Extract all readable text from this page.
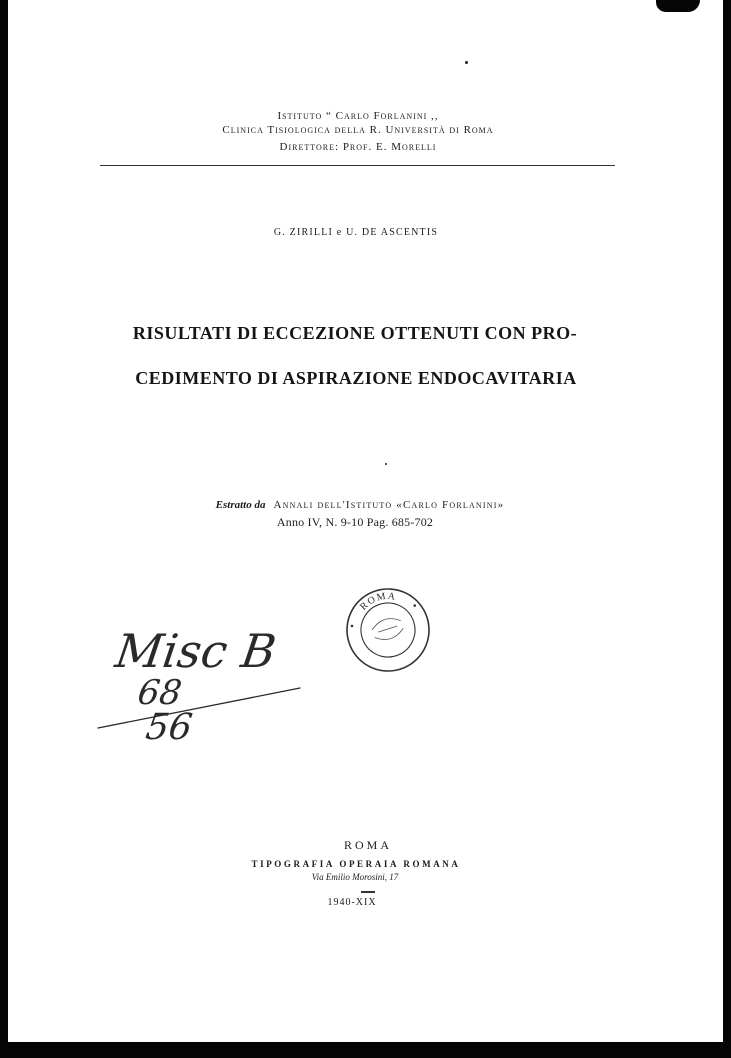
Istituto “ Carlo Forlanini ,,
Clinica Tisiologica della R. Università di Roma
Direttore: Prof. E. Morelli
G. ZIRILLI e U. DE ASCENTIS
RISULTATI DI ECCEZIONE OTTENUTI CON PRO-
CEDIMENTO DI ASPIRAZIONE ENDOCAVITARIA
Estratto da Annali dell'Istituto «Carlo Forlanini»
Anno IV, N. 9-10 Pag. 685-702
ROMA
Misc B
68
56
ROMA
TIPOGRAFIA OPERAIA ROMANA
Via Emilio Morosini, 17
1940-XIX
